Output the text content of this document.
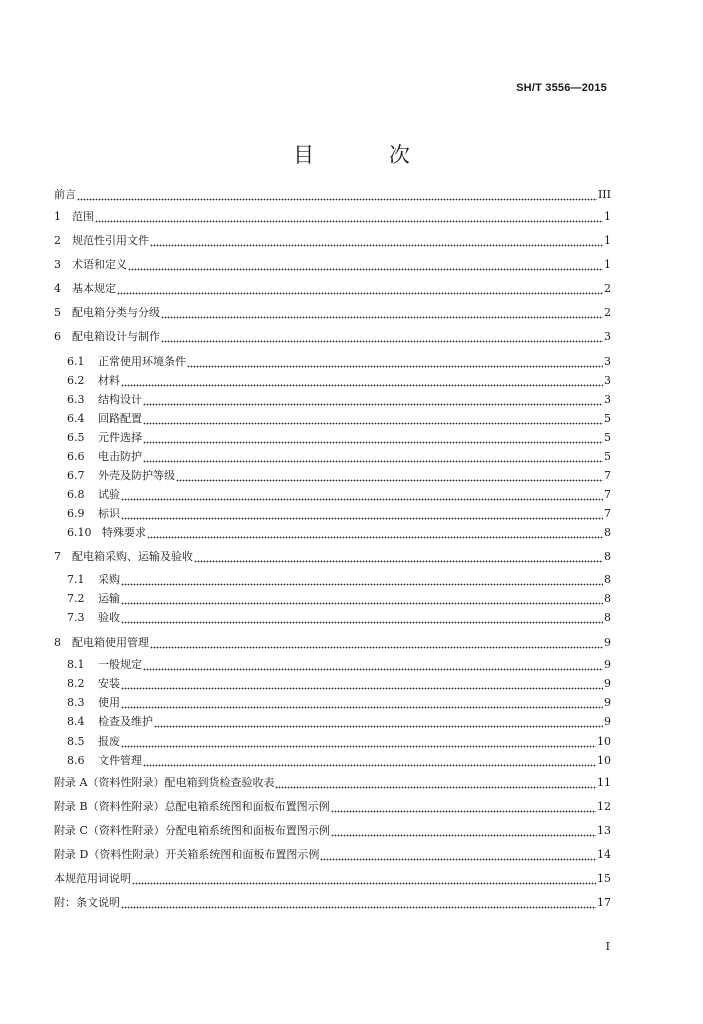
SH/T 3556—2015
目 次
前言	III
1	范围	1
2	规范性引用文件	1
3	术语和定义	1
4	基本规定	2
5	配电箱分类与分级	2
6	配电箱设计与制作	3
6.1	正常使用环境条件	3
6.2	材料	3
6.3	结构设计	3
6.4	回路配置	5
6.5	元件选择	5
6.6	电击防护	5
6.7	外壳及防护等级	7
6.8	试验	7
6.9	标识	7
6.10 特殊要求	8
7	配电箱采购、运输及验收	8
7.1	采购	8
7.2	运输	8
7.3	验收	8
8	配电箱使用管理	9
8.1	一般规定	9
8.2	安装	9
8.3	使用	9
8.4	检查及维护	9
8.5	报废	10
8.6	文件管理	10
附录 A（资料性附录）配电箱到货检查验收表	11
附录 B（资料性附录）总配电箱系统图和面板布置图示例	12
附录 C（资料性附录）分配电箱系统图和面板布置图示例	13
附录 D（资料性附录）开关箱系统图和面板布置图示例	14
本规范用词说明	15
附：条文说明	17
I
